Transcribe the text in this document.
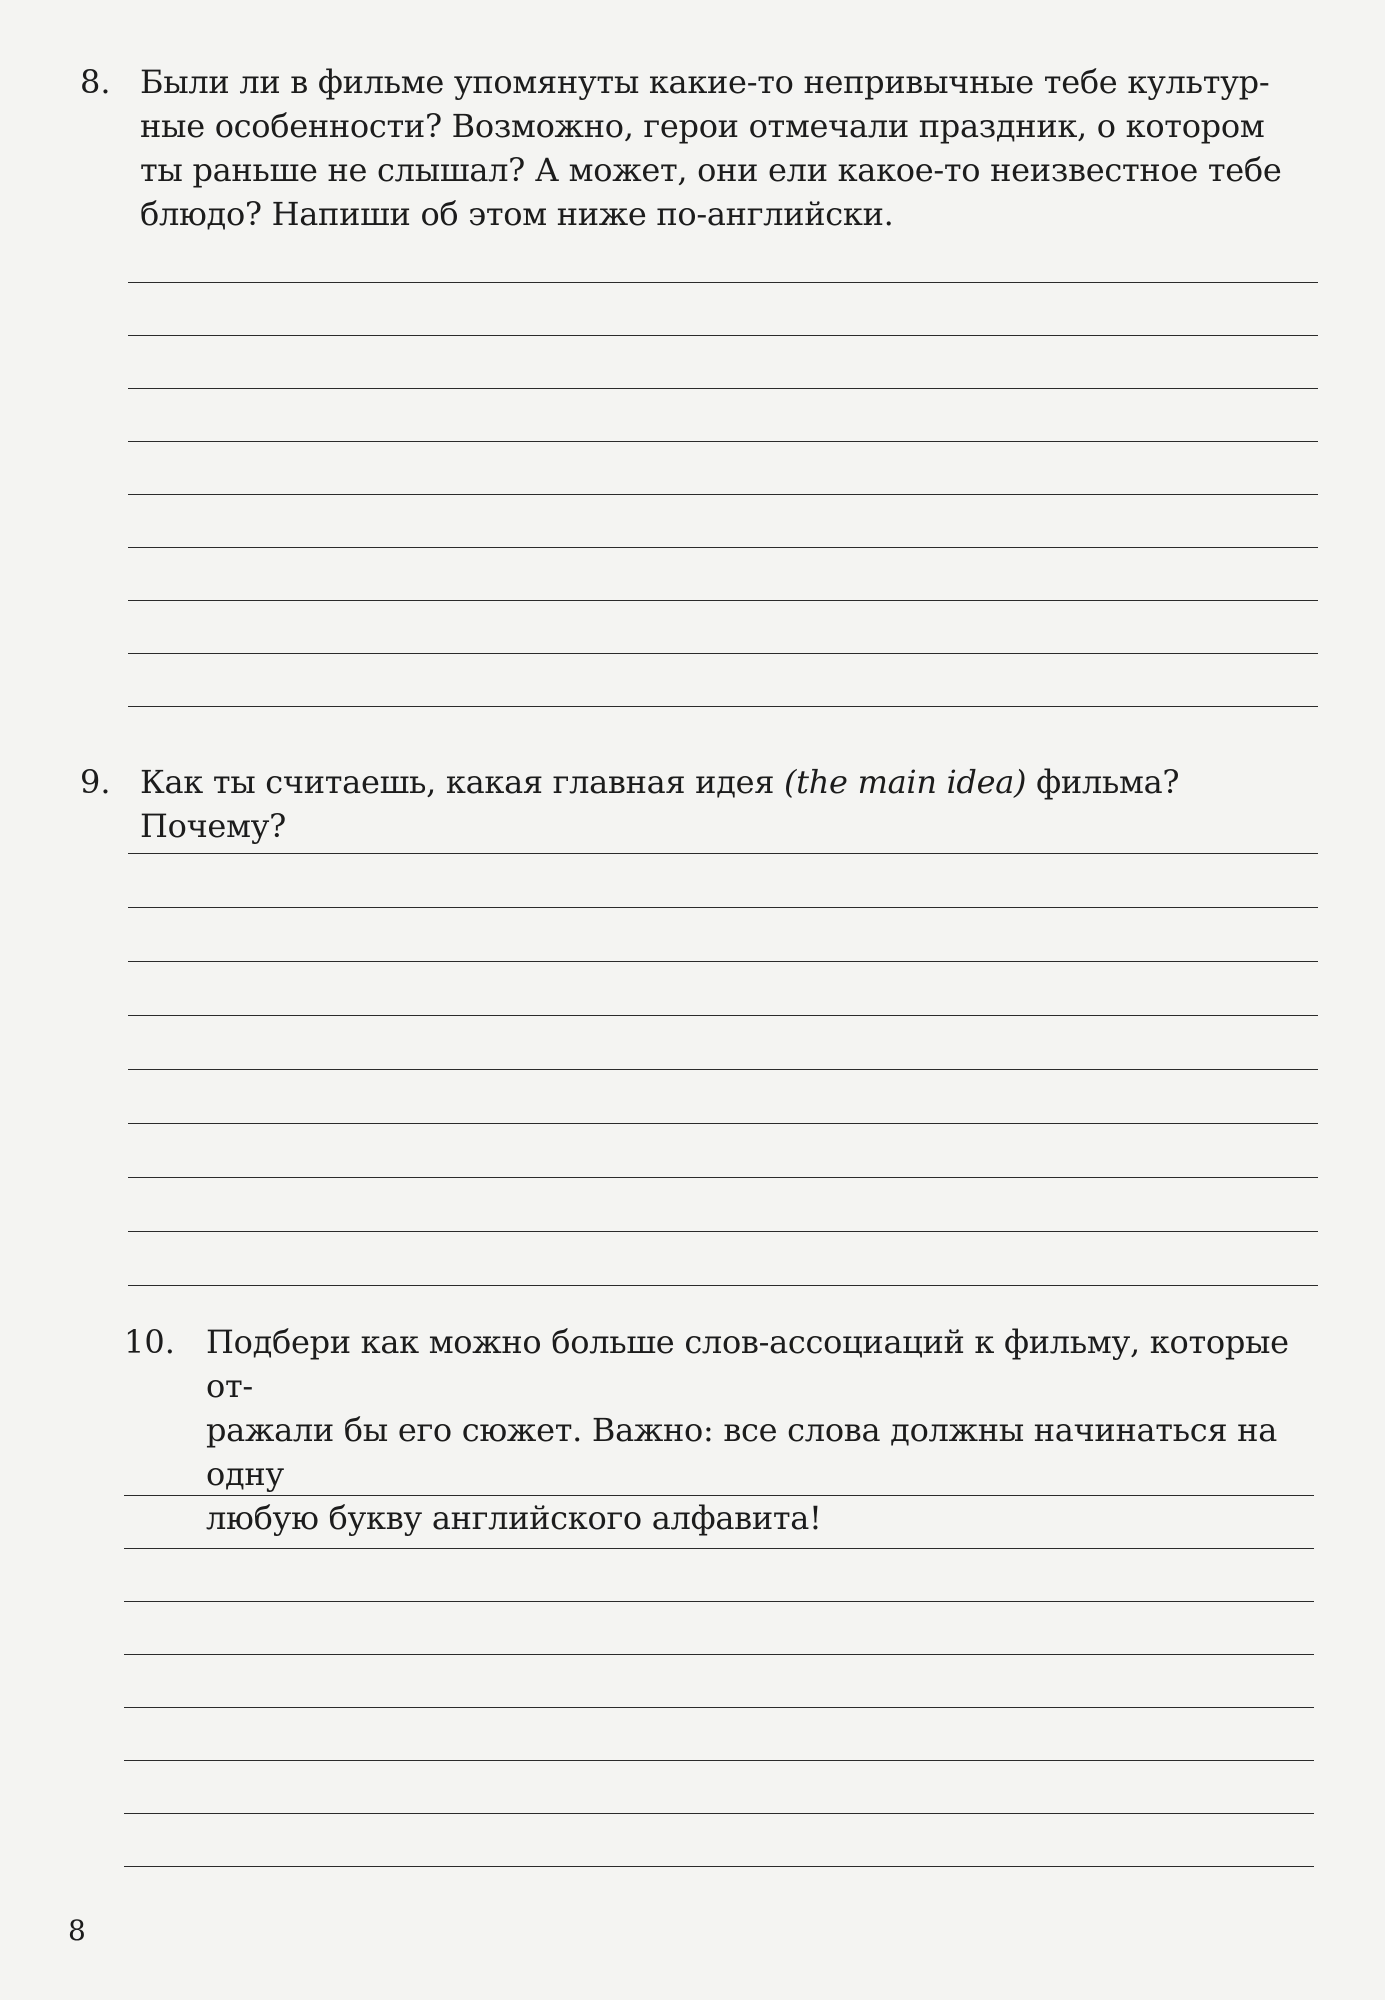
8. Были ли в фильме упомянуты какие-то непривычные тебе культур-
ные особенности? Возможно, герои отмечали праздник, о котором
ты раньше не слышал? А может, они ели какое-то неизвестное тебе
блюдо? Напиши об этом ниже по-английски.
9. Как ты считаешь, какая главная идея (the main idea) фильма? Почему?
10. Подбери как можно больше слов-ассоциаций к фильму, которые от-
ражали бы его сюжет. Важно: все слова должны начинаться на одну
любую букву английского алфавита!
8
